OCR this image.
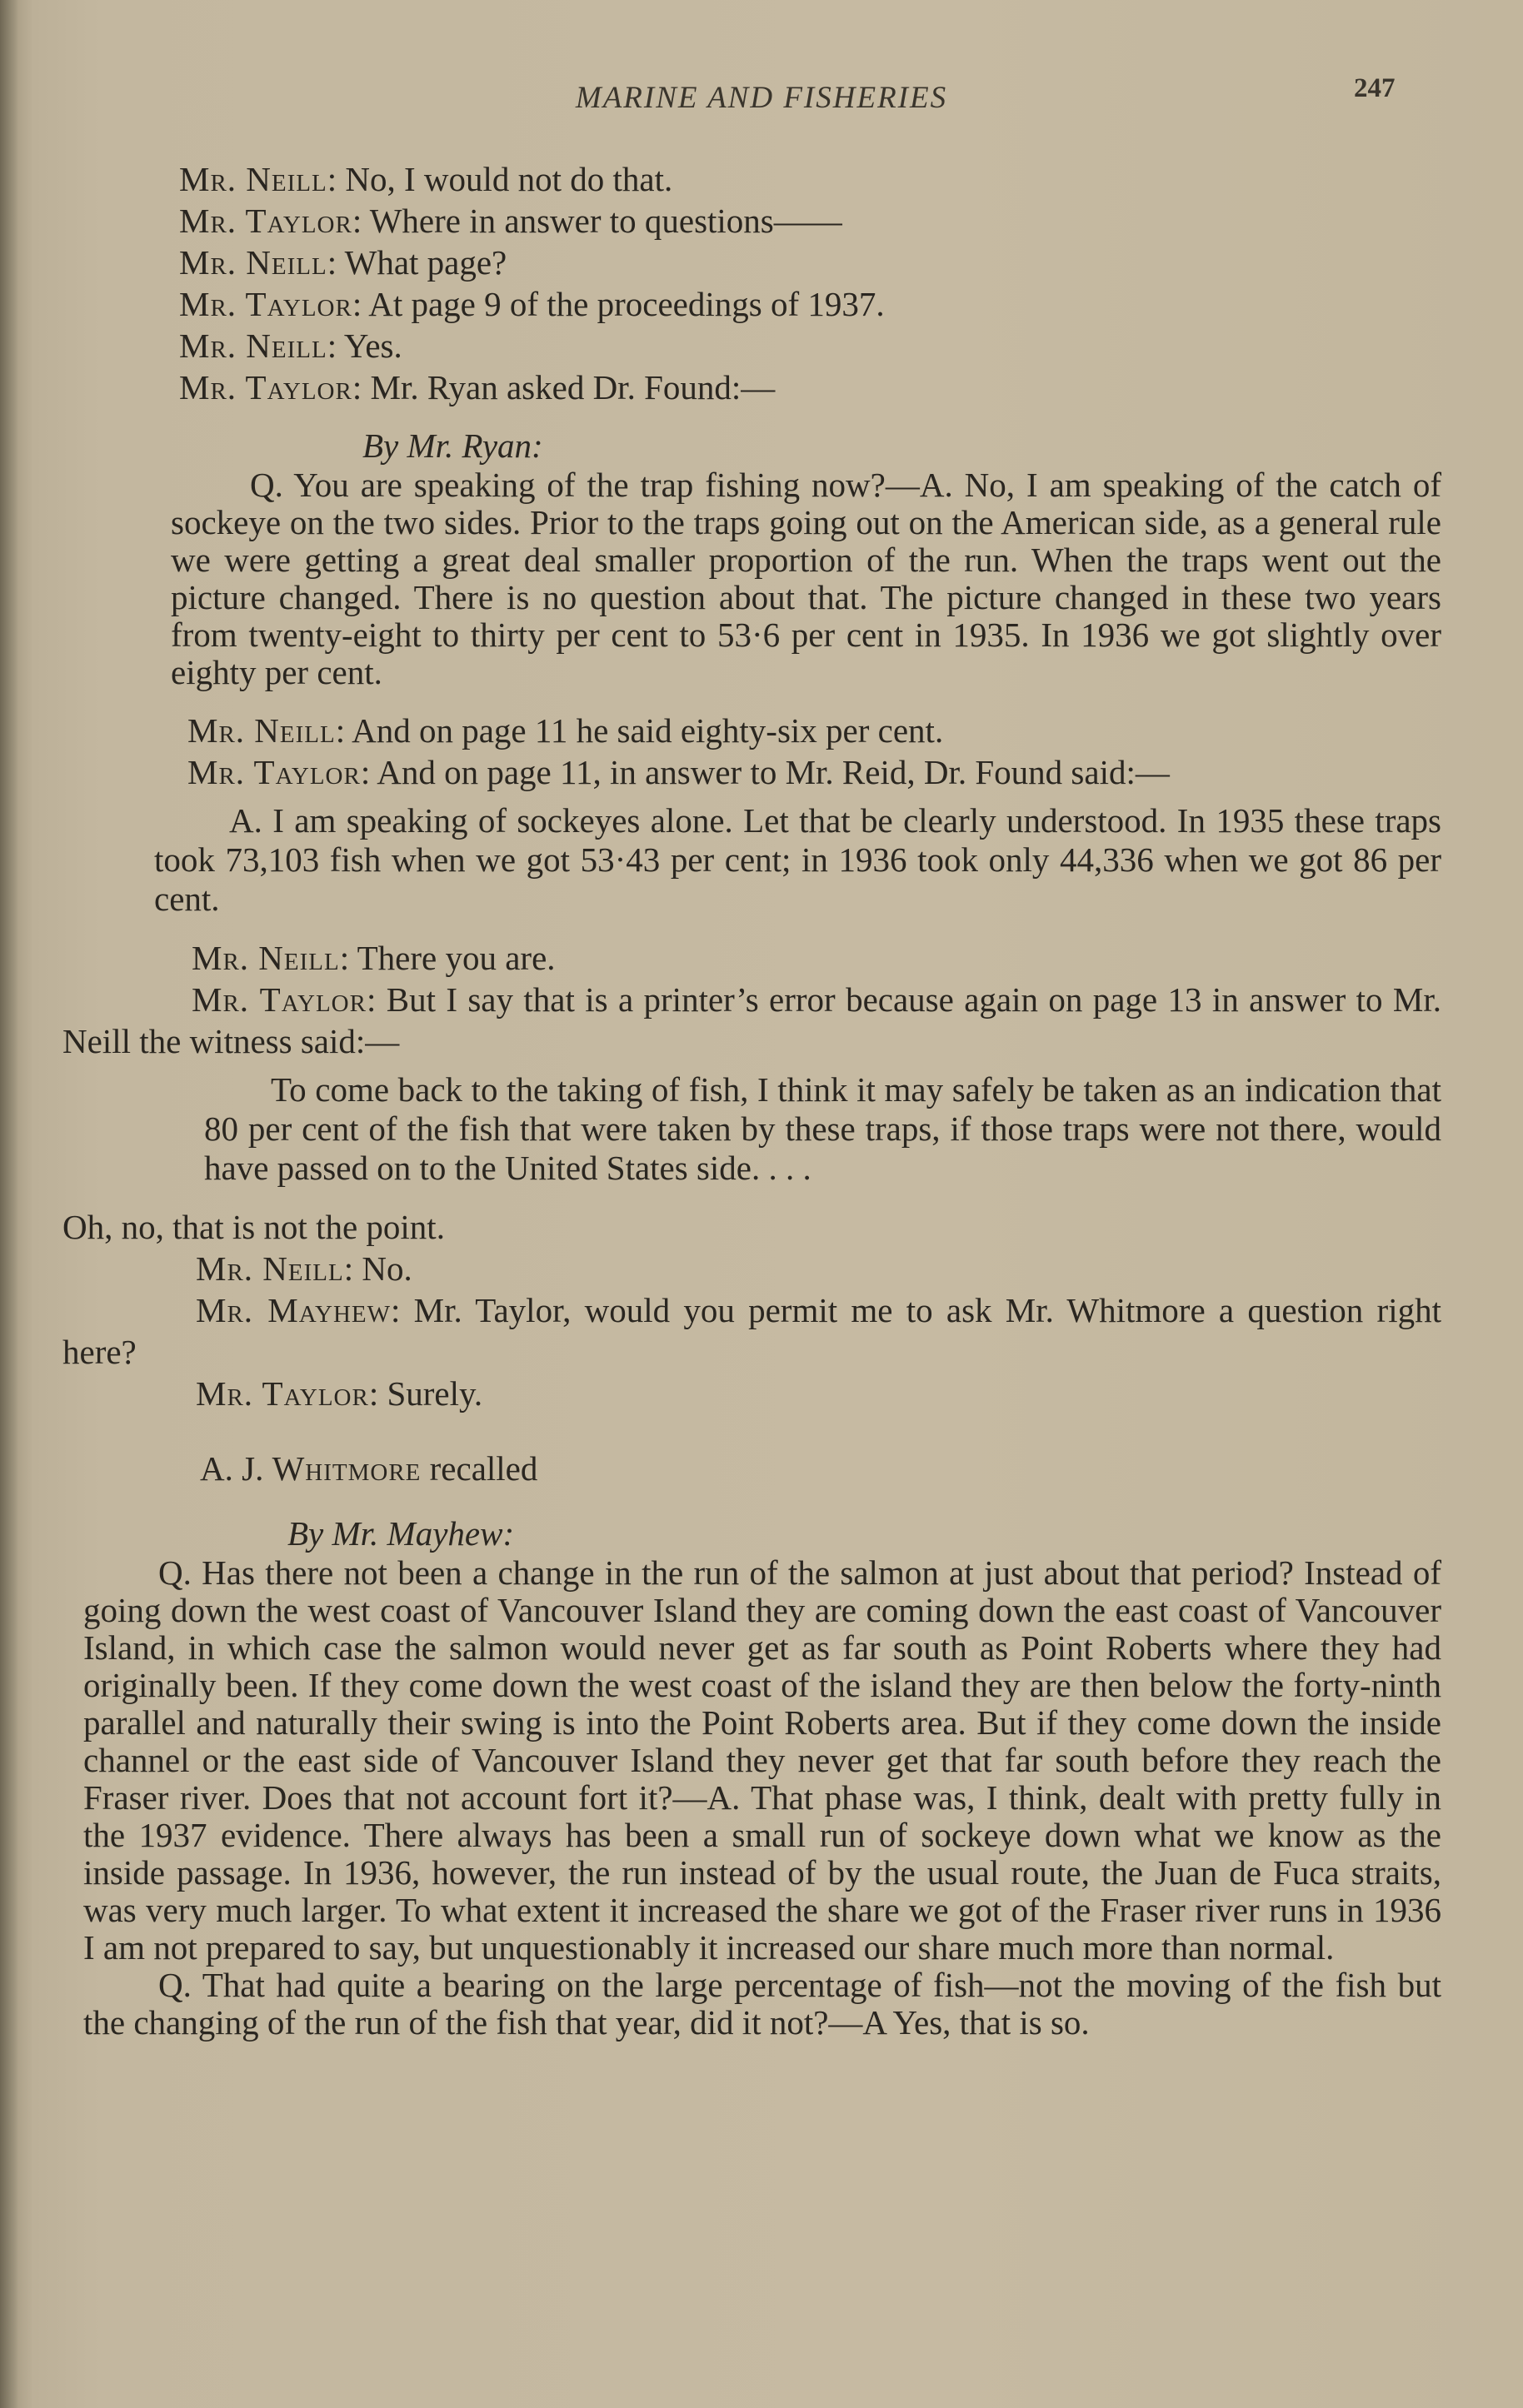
MARINE AND FISHERIES	247

Mr. Neill: No, I would not do that.

Mr. Taylor: Where in answer to questions——

Mr. Neill: What page?

Mr. Taylor: At page 9 of the proceedings of 1937.

Mr. Neill: Yes.

Mr. Taylor: Mr. Ryan asked Dr. Found:—

By Mr. Ryan:

Q. You are speaking of the trap fishing now?—A. No, I am speaking of the catch of sockeye on the two sides. Prior to the traps going out on the American side, as a general rule we were getting a great deal smaller proportion of the run. When the traps went out the picture changed. There is no question about that. The picture changed in these two years from twenty-eight to thirty per cent to 53·6 per cent in 1935. In 1936 we got slightly over eighty per cent.

Mr. Neill: And on page 11 he said eighty-six per cent.

Mr. Taylor: And on page 11, in answer to Mr. Reid, Dr. Found said:—

A. I am speaking of sockeyes alone. Let that be clearly understood. In 1935 these traps took 73,103 fish when we got 53·43 per cent; in 1936 took only 44,336 when we got 86 per cent.

Mr. Neill: There you are.

Mr. Taylor: But I say that is a printer’s error because again on page 13 in answer to Mr. Neill the witness said:—

To come back to the taking of fish, I think it may safely be taken as an indication that 80 per cent of the fish that were taken by these traps, if those traps were not there, would have passed on to the United States side. . . .

Oh, no, that is not the point.

Mr. Neill: No.

Mr. Mayhew: Mr. Taylor, would you permit me to ask Mr. Whitmore a question right here?

Mr. Taylor: Surely.

A. J. Whitmore recalled

By Mr. Mayhew:

Q. Has there not been a change in the run of the salmon at just about that period? Instead of going down the west coast of Vancouver Island they are coming down the east coast of Vancouver Island, in which case the salmon would never get as far south as Point Roberts where they had originally been. If they come down the west coast of the island they are then below the forty-ninth parallel and naturally their swing is into the Point Roberts area. But if they come down the inside channel or the east side of Vancouver Island they never get that far south before they reach the Fraser river. Does that not account fort it?—A. That phase was, I think, dealt with pretty fully in the 1937 evidence. There always has been a small run of sockeye down what we know as the inside passage. In 1936, however, the run instead of by the usual route, the Juan de Fuca straits, was very much larger. To what extent it increased the share we got of the Fraser river runs in 1936 I am not prepared to say, but unquestionably it increased our share much more than normal.

Q. That had quite a bearing on the large percentage of fish—not the moving of the fish but the changing of the run of the fish that year, did it not?—A Yes, that is so.
